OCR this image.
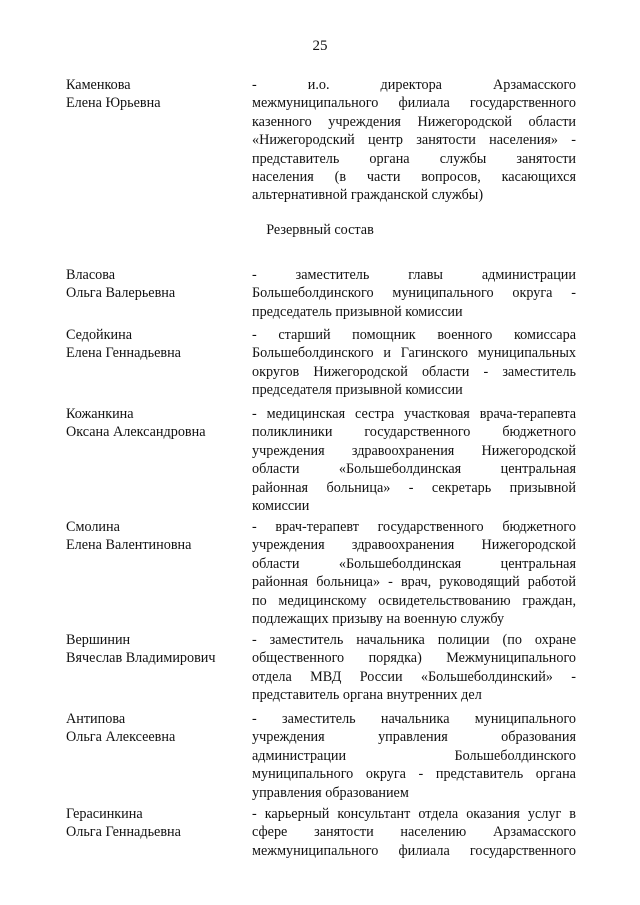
25
Каменкова
Елена Юрьевна
- и.о. директора Арзамасского
межмуниципального филиала государственного
казенного учреждения Нижегородской области
«Нижегородский центр занятости населения» -
представитель органа службы занятости
населения (в части вопросов, касающихся
альтернативной гражданской службы)
Резервный состав
Власова
Ольга Валерьевна
- заместитель главы администрации
Большеболдинского муниципального округа -
председатель призывной комиссии
Седойкина
Елена Геннадьевна
- старший помощник военного комиссара
Большеболдинского и Гагинского муниципальных
округов Нижегородской области - заместитель
председателя призывной комиссии
Кожанкина
Оксана Александровна
- медицинская сестра участковая врача-терапевта
поликлиники государственного бюджетного
учреждения здравоохранения Нижегородской
области «Большеболдинская центральная
районная больница» - секретарь призывной
комиссии
Смолина
Елена Валентиновна
- врач-терапевт государственного бюджетного
учреждения здравоохранения Нижегородской
области «Большеболдинская центральная
районная больница» - врач, руководящий работой
по медицинскому освидетельствованию граждан,
подлежащих призыву на военную службу
Вершинин
Вячеслав Владимирович
- заместитель начальника полиции (по охране
общественного порядка) Межмуниципального
отдела МВД России «Большеболдинский» -
представитель органа внутренних дел
Антипова
Ольга Алексеевна
- заместитель начальника муниципального
учреждения управления образования
администрации Большеболдинского
муниципального округа - представитель органа
управления образованием
Герасинкина
Ольга Геннадьевна
- карьерный консультант отдела оказания услуг в
сфере занятости населению Арзамасского
межмуниципального филиала государственного
